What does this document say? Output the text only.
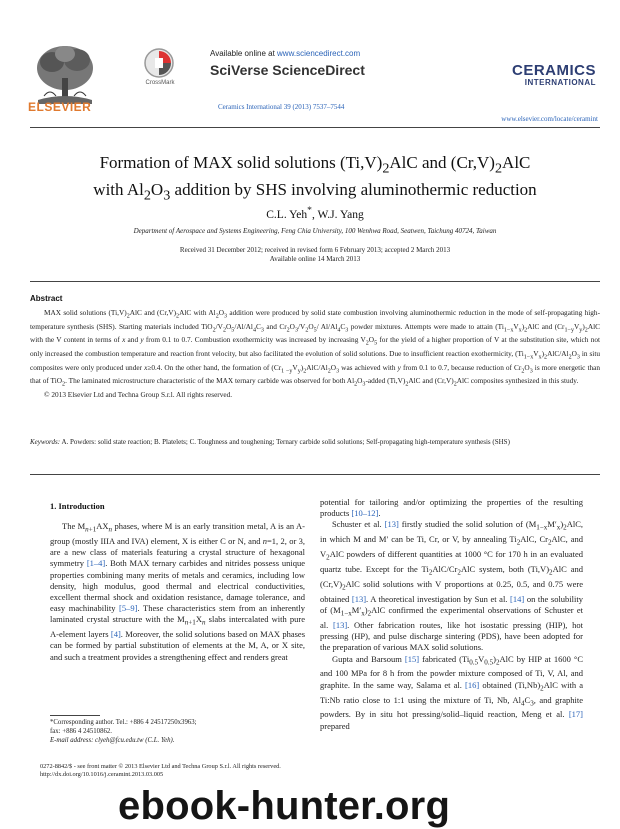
ELSEVIER
CrossMark
Available online at www.sciencedirect.com
SciVerse ScienceDirect
Ceramics International 39 (2013) 7537–7544
CERAMICS
INTERNATIONAL
www.elsevier.com/locate/ceramint
Formation of MAX solid solutions $(Ti,V)_2AlC$ and $(Cr,V)_2AlC$
with $Al_2O_3$ addition by SHS involving aluminothermic reduction
C.L. Yeh*, W.J. Yang
Department of Aerospace and Systems Engineering, Feng Chia University, 100 Wenhwa Road, Seatwen, Taichung 40724, Taiwan
Received 31 December 2012; received in revised form 6 February 2013; accepted 2 March 2013
Available online 14 March 2013
Abstract

MAX solid solutions $(Ti,V)_2AlC$ and $(Cr,V)_2AlC$ with $Al_2O_3$ addition were produced by solid state combustion involving aluminothermic reduction in the mode of self-propagating high-temperature synthesis (SHS). Starting materials included $TiO_2/V_2O_5/Al/Al_4C_3$ and $Cr_2O_3/V_2O_5/$ $Al/Al_4C_3$ powder mixtures. Attempts were made to attain $(Ti_{1-x}V_x)_2AlC$ and $(Cr_{1-y}V_y)_2AlC$ with the V content in terms of x and y from 0.1 to 0.7. Combustion exothermicity was increased by increasing $V_2O_5$ for the yield of a higher proportion of V at the substitution site, which not only increased the combustion temperature and reaction front velocity, but also facilitated the evolution of solid solutions. Due to insufficient reaction exothermicity, $(Ti_{1-x}V_x)_2AlC/Al_2O_3$ in situ composites were only produced under x≥0.4. On the other hand, the formation of $(Cr_{1 -y}V_y)_2AlC/Al_2O_3$ was achieved with y from 0.1 to 0.7, because reduction of $Cr_2O_3$ is more energetic than that of TiO$_2$. The laminated microstructure characteristic of the MAX ternary carbide was observed for both $Al_2O_3$-added $(Ti,V)_2AlC$ and $(Cr,V)_2AlC$ composites synthesized in this study.

© 2013 Elsevier Ltd and Techna Group S.r.l. All rights reserved.

Keywords: A. Powders: solid state reaction; B. Platelets; C. Toughness and toughening; Ternary carbide solid solutions; Self-propagating high-temperature synthesis (SHS)
1. Introduction

The $M_{n+1}AX_n$ phases, where M is an early transition metal, A is an A-group (mostly IIIA and IVA) element, X is either C or N, and n=1, 2, or 3, are a new class of materials featuring a crystal structure of hexagonal symmetry [1–4]. Both MAX ternary carbides and nitrides possess unique properties combining many merits of metals and ceramics, including low density, high modulus, good thermal and electrical conductivities, excellent thermal shock and oxidation resistance, damage tolerance, and easy machinability [5–9]. These characteristics stem from an inherently laminated crystal structure with the $M_{n+1}X_n$ slabs intercalated with pure A-element layers [4]. Moreover, the solid solutions based on MAX phases can be formed by partial substitution of elements at the M, A, or X site, and such a treatment provides a strengthening effect and renders great

potential for tailoring and/or optimizing the properties of the resulting products [10–12].

Schuster et al. [13] firstly studied the solid solution of $(M_{1-x}M'_x)_2AlC$, in which M and M′ can be Ti, Cr, or V, by annealing $Ti_2AlC$, $Cr_2AlC$, and $V_2AlC$ powders of different quantities at 1000 °C for 170 h in an evaluated quartz tube. Except for the $Ti_2AlC/Cr_2AlC$ system, both $(Ti,V)_2AlC$ and $(Cr,V)_2AlC$ solid solutions with V proportions at 0.25, 0.5, and 0.75 were obtained [13]. A theoretical investigation by Sun et al. [14] on the solubility of $(M_{1-x}M'_x)_2AlC$ confirmed the experimental observations of Schuster et al. [13]. Other fabrication routes, like hot isostatic pressing (HIP), hot pressing (HP), and pulse discharge sintering (PDS), have been adopted for the preparation of various MAX solid solutions.

Gupta and Barsoum [15] fabricated $(Ti_{0.5}V_{0.5})_2AlC$ by HIP at 1600 °C and 100 MPa for 8 h from the powder mixture composed of Ti, V, Al, and graphite. In the same way, Salama et al. [16] obtained $(Ti,Nb)_2AlC$ with a Ti:Nb ratio close to 1:1 using the mixture of Ti, Nb, $Al_4C_3$, and graphite powders. By in situ hot pressing/solid–liquid reaction, Meng et al. [17] prepared

*Corresponding author. Tel.: +886 4 24517250x3963;
fax: +886 4 24510862.
E-mail address: clyeh@fcu.edu.tw (C.L. Yeh).
0272-8842/$ - see front matter © 2013 Elsevier Ltd and Techna Group S.r.l. All rights reserved.
http://dx.doi.org/10.1016/j.ceramint.2013.03.005
ebook-hunter.org
